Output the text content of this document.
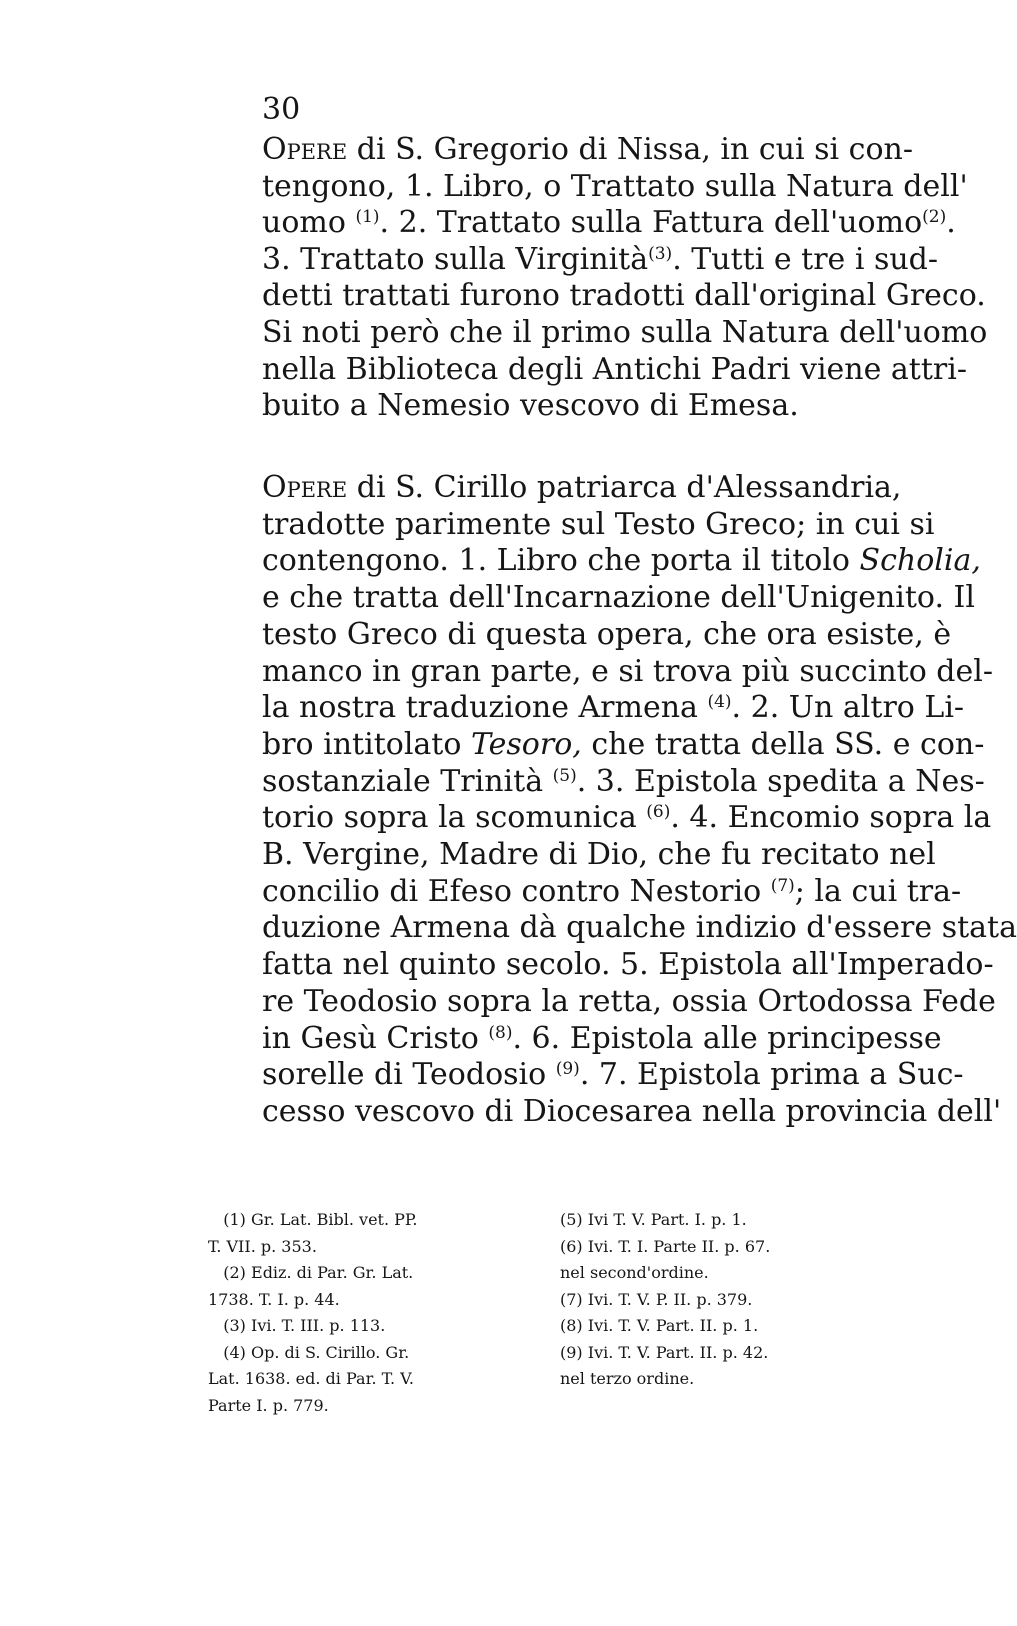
30
Opere di S. Gregorio di Nissa, in cui si con-
tengono, 1. Libro, o Trattato sulla Natura dell'
uomo $^{(1)}$. 2. Trattato sulla Fattura dell'uomo$^{(2)}$.
3. Trattato sulla Virginità$^{(3)}$. Tutti e tre i sud-
detti trattati furono tradotti dall'original Greco.
Si noti però che il primo sulla Natura dell'uomo
nella Biblioteca degli Antichi Padri viene attri-
buito a Nemesio vescovo di Emesa.
Opere di S. Cirillo patriarca d'Alessandria,
tradotte parimente sul Testo Greco; in cui si
contengono. 1. Libro che porta il titolo Scholia,
e che tratta dell'Incarnazione dell'Unigenito. Il
testo Greco di questa opera, che ora esiste, è
manco in gran parte, e si trova più succinto del-
la nostra traduzione Armena $^{(4)}$. 2. Un altro Li-
bro intitolato Tesoro, che tratta della SS. e con-
sostanziale Trinità $^{(5)}$. 3. Epistola spedita a Nes-
torio sopra la scomunica $^{(6)}$. 4. Encomio sopra la
B. Vergine, Madre di Dio, che fu recitato nel
concilio di Efeso contro Nestorio $^{(7)}$; la cui tra-
duzione Armena dà qualche indizio d'essere stata
fatta nel quinto secolo. 5. Epistola all'Imperado-
re Teodosio sopra la retta, ossia Ortodossa Fede
in Gesù Cristo $^{(8)}$. 6. Epistola alle principesse
sorelle di Teodosio $^{(9)}$. 7. Epistola prima a Suc-
cesso vescovo di Diocesarea nella provincia dell'
(1) Gr. Lat. Bibl. vet. PP.
T. VII. p. 353.
(2) Ediz. di Par. Gr. Lat.
1738. T. I. p. 44.
(3) Ivi. T. III. p. 113.
(4) Op. di S. Cirillo. Gr.
Lat. 1638. ed. di Par. T. V.
Parte I. p. 779.
(5) Ivi T. V. Part. I. p. 1.
(6) Ivi. T. I. Parte II. p. 67.
nel second'ordine.
(7) Ivi. T. V. P. II. p. 379.
(8) Ivi. T. V. Part. II. p. 1.
(9) Ivi. T. V. Part. II. p. 42.
nel terzo ordine.
